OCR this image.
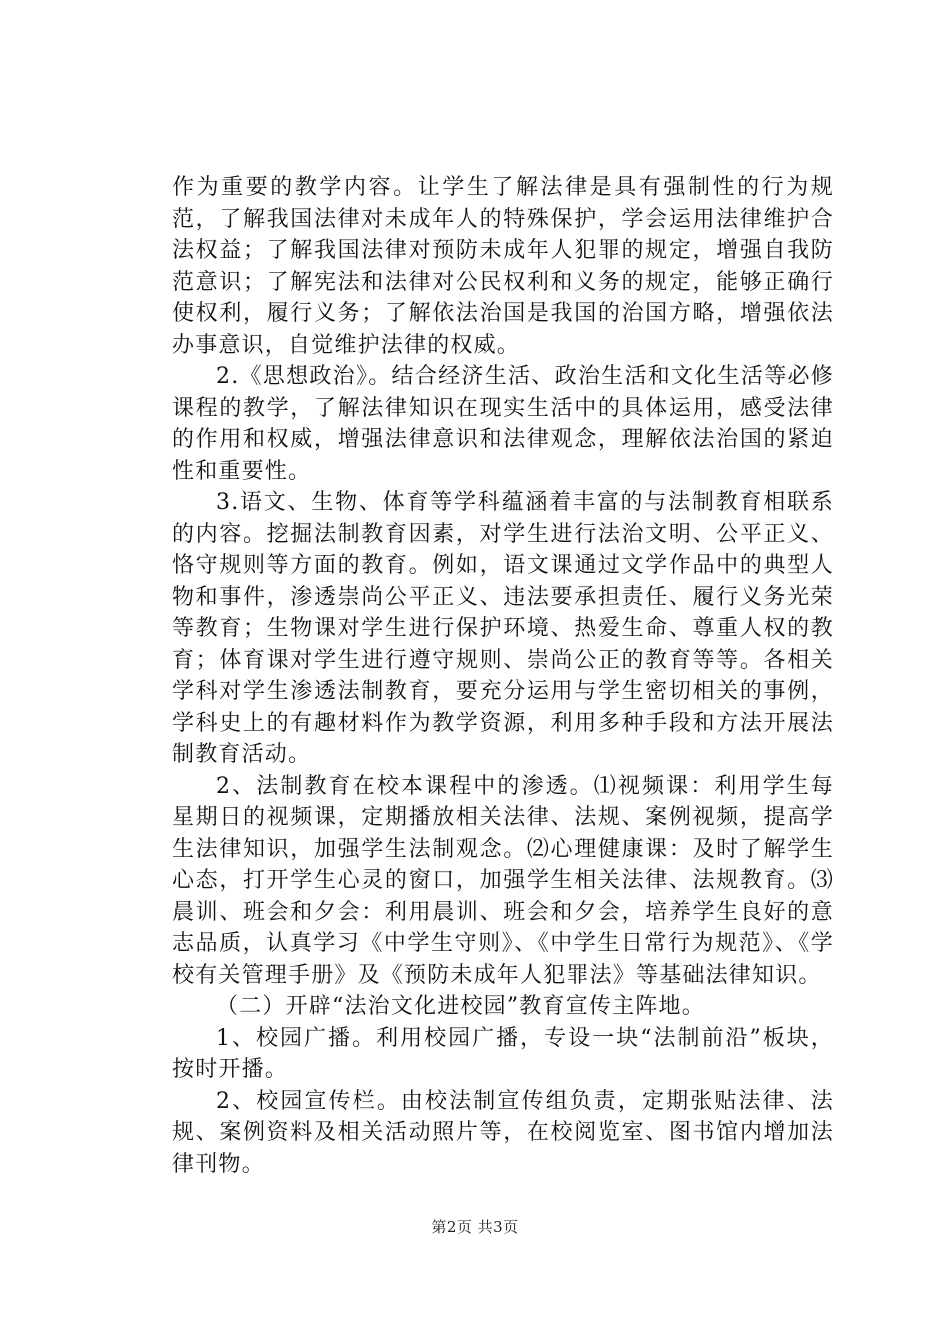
作为重要的教学内容。让学生了解法律是具有强制性的行为规范，了解我国法律对未成年人的特殊保护，学会运用法律维护合法权益；了解我国法律对预防未成年人犯罪的规定，增强自我防范意识；了解宪法和法律对公民权利和义务的规定，能够正确行使权利，履行义务；了解依法治国是我国的治国方略，增强依法办事意识，自觉维护法律的权威。

2.《思想政治》。结合经济生活、政治生活和文化生活等必修课程的教学，了解法律知识在现实生活中的具体运用，感受法律的作用和权威，增强法律意识和法律观念，理解依法治国的紧迫性和重要性。

3.语文、生物、体育等学科蕴涵着丰富的与法制教育相联系的内容。挖掘法制教育因素，对学生进行法治文明、公平正义、恪守规则等方面的教育。例如，语文课通过文学作品中的典型人物和事件，渗透崇尚公平正义、违法要承担责任、履行义务光荣等教育；生物课对学生进行保护环境、热爱生命、尊重人权的教育；体育课对学生进行遵守规则、崇尚公正的教育等等。各相关学科对学生渗透法制教育，要充分运用与学生密切相关的事例，学科史上的有趣材料作为教学资源，利用多种手段和方法开展法制教育活动。

2、法制教育在校本课程中的渗透。⑴视频课：利用学生每星期日的视频课，定期播放相关法律、法规、案例视频，提高学生法律知识，加强学生法制观念。⑵心理健康课：及时了解学生心态，打开学生心灵的窗口，加强学生相关法律、法规教育。⑶晨训、班会和夕会：利用晨训、班会和夕会，培养学生良好的意志品质，认真学习《中学生守则》、《中学生日常行为规范》、《学校有关管理手册》及《预防未成年人犯罪法》等基础法律知识。

（二）开辟“法治文化进校园”教育宣传主阵地。

1、校园广播。利用校园广播，专设一块“法制前沿”板块，按时开播。

2、校园宣传栏。由校法制宣传组负责，定期张贴法律、法规、案例资料及相关活动照片等，在校阅览室、图书馆内增加法律刊物。

第2页 共3页
